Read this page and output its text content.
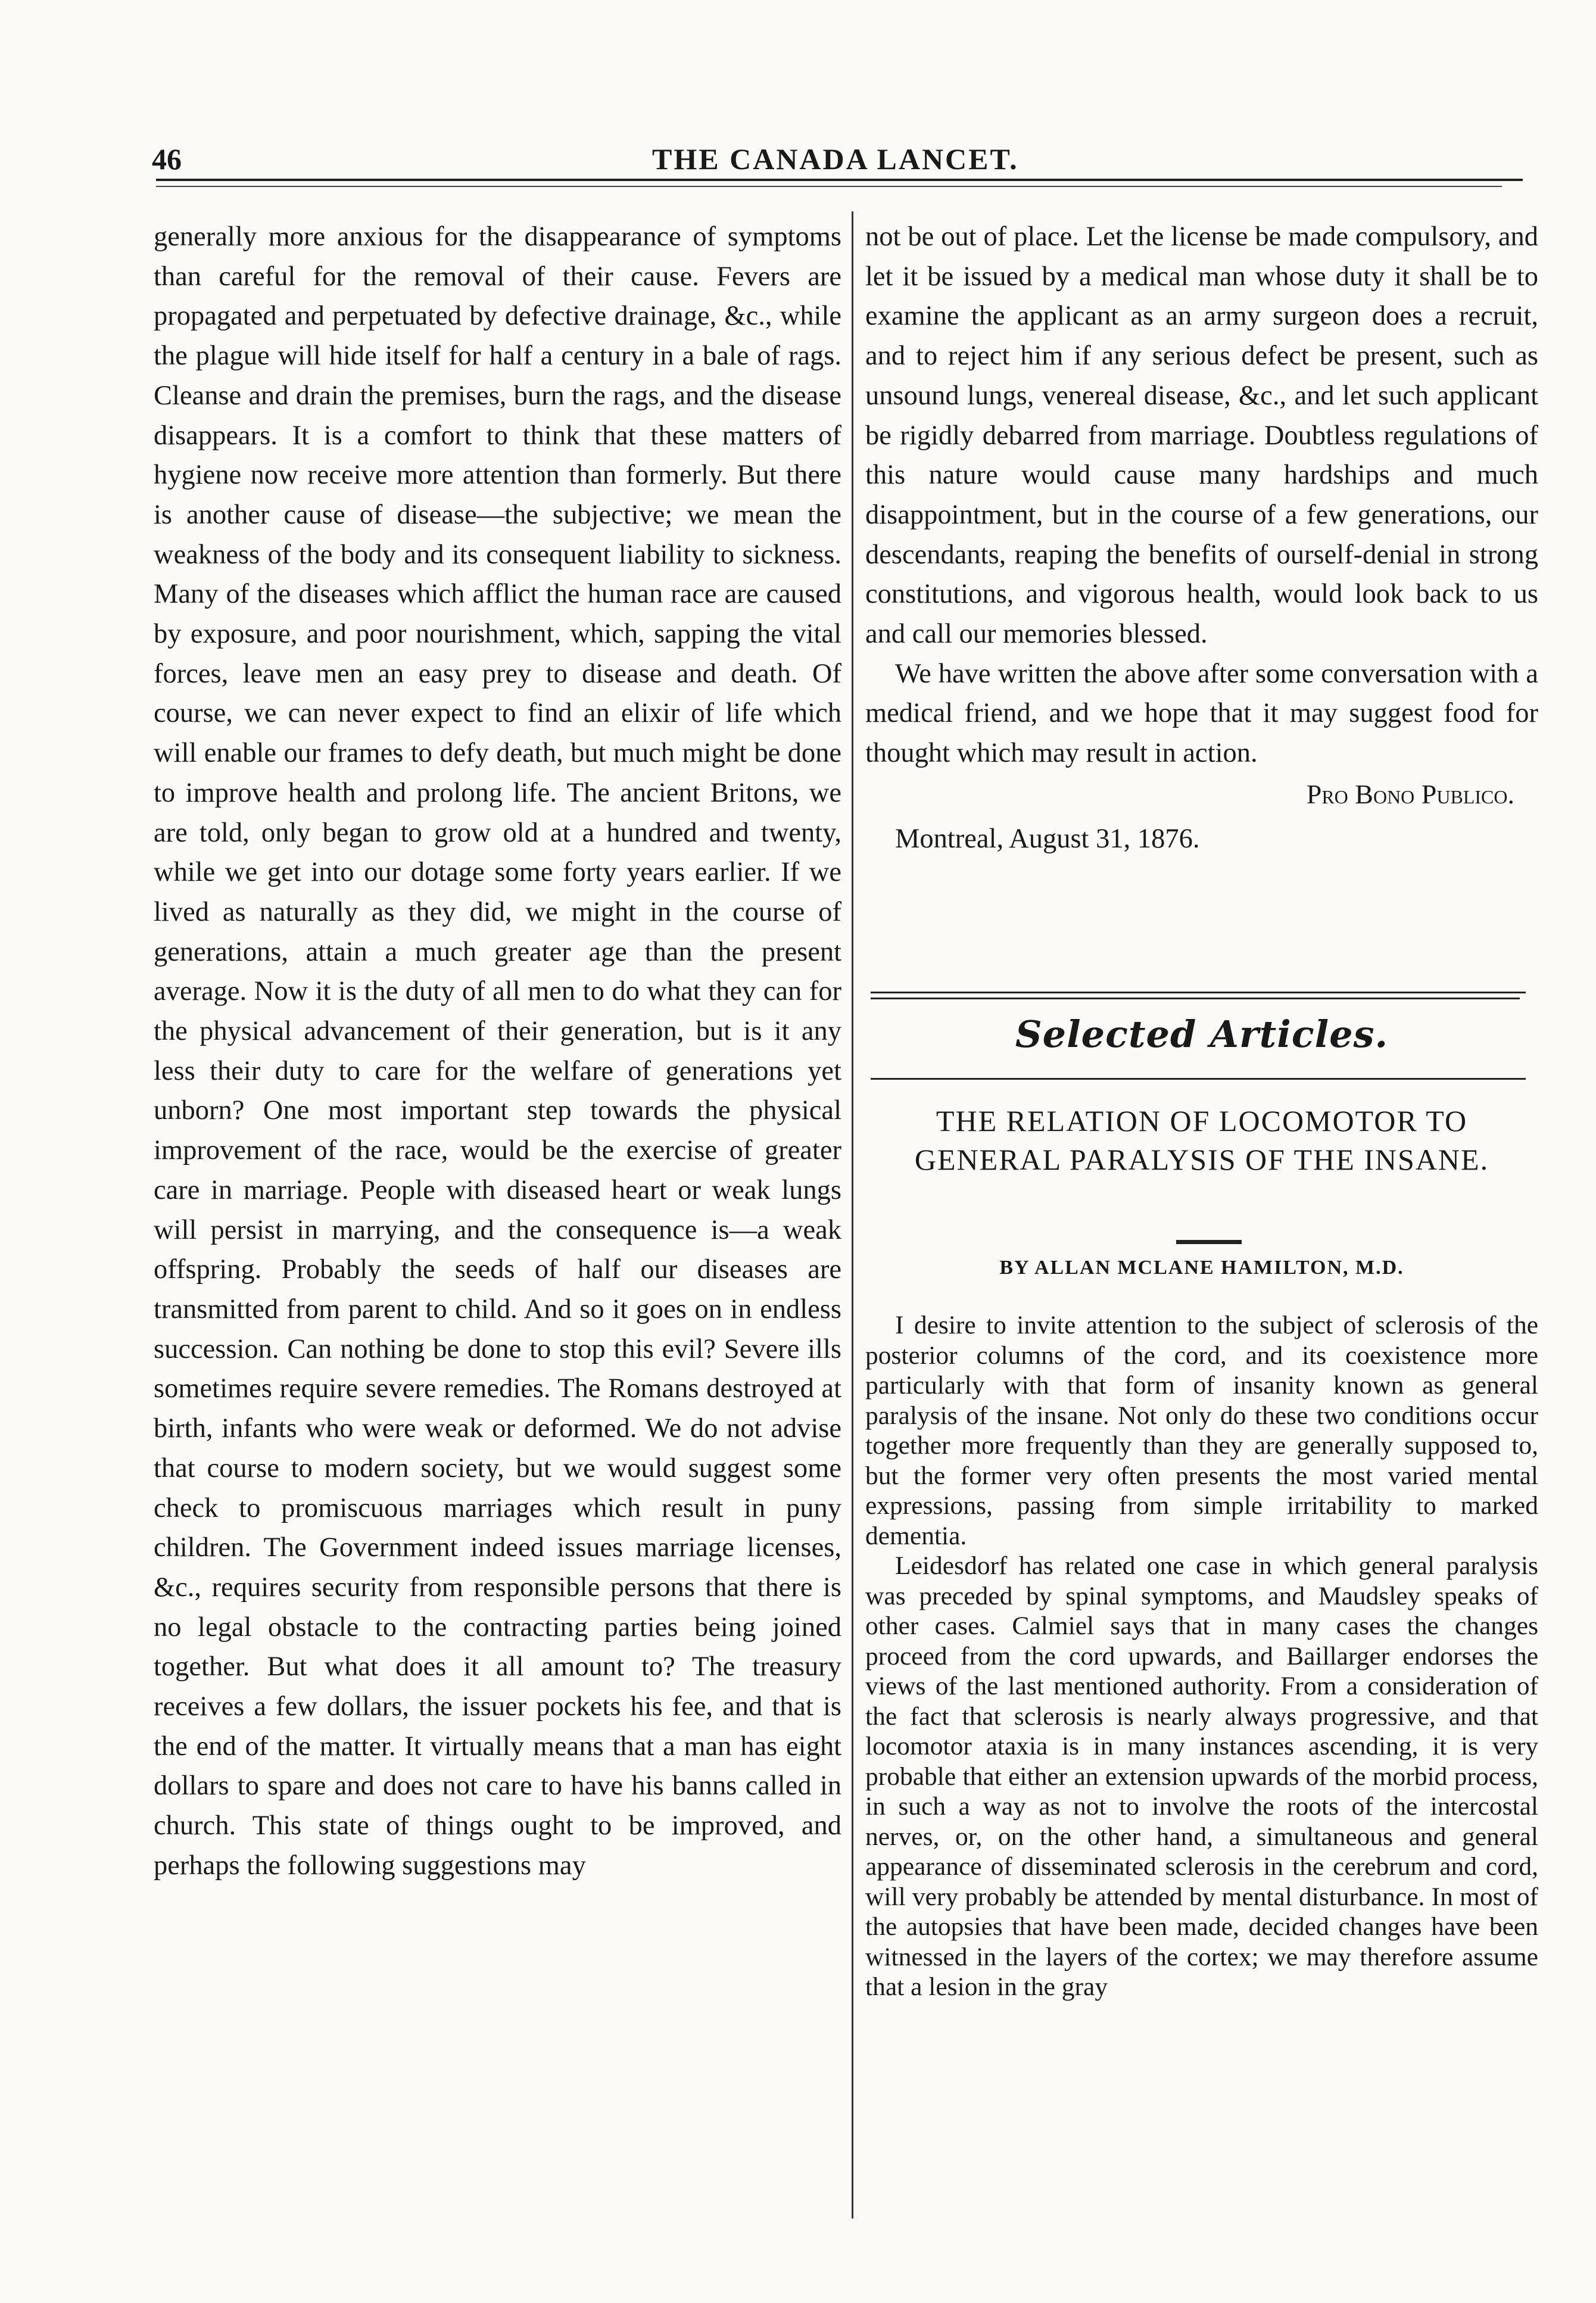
46	THE CANADA LANCET.

generally more anxious for the disappearance of symptoms than careful for the removal of their cause. Fevers are propagated and perpetuated by defective drainage, &c., while the plague will hide itself for half a century in a bale of rags. Cleanse and drain the premises, burn the rags, and the disease disappears. It is a comfort to think that these matters of hygiene now receive more attention than formerly. But there is another cause of disease—the subjective; we mean the weakness of the body and its consequent liability to sickness. Many of the diseases which afflict the human race are caused by exposure, and poor nourishment, which, sapping the vital forces, leave men an easy prey to disease and death. Of course, we can never expect to find an elixir of life which will enable our frames to defy death, but much might be done to improve health and prolong life. The ancient Britons, we are told, only began to grow old at a hundred and twenty, while we get into our dotage some forty years earlier. If we lived as naturally as they did, we might in the course of generations, attain a much greater age than the present average. Now it is the duty of all men to do what they can for the physical advancement of their generation, but is it any less their duty to care for the welfare of generations yet unborn? One most important step towards the physical improvement of the race, would be the exercise of greater care in marriage. People with diseased heart or weak lungs will persist in marrying, and the consequence is—a weak offspring. Probably the seeds of half our diseases are transmitted from parent to child. And so it goes on in endless succession. Can nothing be done to stop this evil? Severe ills sometimes require severe remedies. The Romans destroyed at birth, infants who were weak or deformed. We do not advise that course to modern society, but we would suggest some check to promiscuous marriages which result in puny children. The Government indeed issues marriage licenses, &c., requires security from responsible persons that there is no legal obstacle to the contracting parties being joined together. But what does it all amount to? The treasury receives a few dollars, the issuer pockets his fee, and that is the end of the matter. It virtually means that a man has eight dollars to spare and does not care to have his banns called in church. This state of things ought to be improved, and perhaps the following suggestions may

not be out of place. Let the license be made compulsory, and let it be issued by a medical man whose duty it shall be to examine the applicant as an army surgeon does a recruit, and to reject him if any serious defect be present, such as unsound lungs, venereal disease, &c., and let such applicant be rigidly debarred from marriage. Doubtless regulations of this nature would cause many hardships and much disappointment, but in the course of a few generations, our descendants, reaping the benefits of ourself-denial in strong constitutions, and vigorous health, would look back to us and call our memories blessed.

We have written the above after some conversation with a medical friend, and we hope that it may suggest food for thought which may result in action.

Pro Bono Publico.

Montreal, August 31, 1876.

Selected Articles.
THE RELATION OF LOCOMOTOR TO GENERAL PARALYSIS OF THE INSANE.
BY ALLAN MCLANE HAMILTON, M.D.

I desire to invite attention to the subject of sclerosis of the posterior columns of the cord, and its coexistence more particularly with that form of insanity known as general paralysis of the insane. Not only do these two conditions occur together more frequently than they are generally supposed to, but the former very often presents the most varied mental expressions, passing from simple irritability to marked dementia.

Leidesdorf has related one case in which general paralysis was preceded by spinal symptoms, and Maudsley speaks of other cases. Calmiel says that in many cases the changes proceed from the cord upwards, and Baillarger endorses the views of the last mentioned authority. From a consideration of the fact that sclerosis is nearly always progressive, and that locomotor ataxia is in many instances ascending, it is very probable that either an extension upwards of the morbid process, in such a way as not to involve the roots of the intercostal nerves, or, on the other hand, a simultaneous and general appearance of disseminated sclerosis in the cerebrum and cord, will very probably be attended by mental disturbance. In most of the autopsies that have been made, decided changes have been witnessed in the layers of the cortex; we may therefore assume that a lesion in the gray
